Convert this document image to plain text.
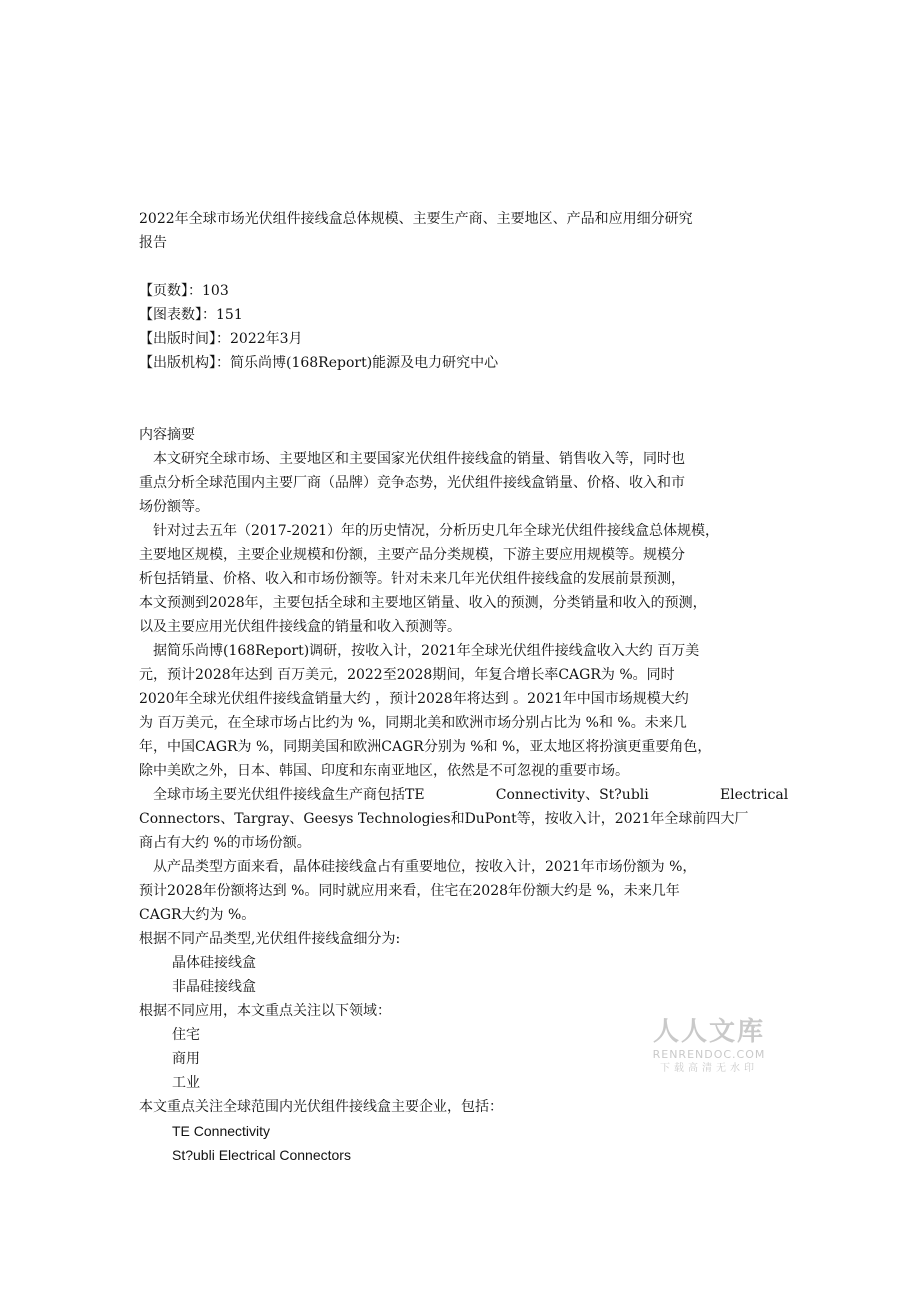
2022年全球市场光伏组件接线盒总体规模、主要生产商、主要地区、产品和应用细分研究
报告
【页数】：103
【图表数】：151
【出版时间】：2022年3月
【出版机构】：简乐尚博(168Report)能源及电力研究中心
内容摘要
本文研究全球市场、主要地区和主要国家光伏组件接线盒的销量、销售收入等，同时也
重点分析全球范围内主要厂商（品牌）竞争态势，光伏组件接线盒销量、价格、收入和市
场份额等。
针对过去五年（2017-2021）年的历史情况，分析历史几年全球光伏组件接线盒总体规模，
主要地区规模，主要企业规模和份额，主要产品分类规模，下游主要应用规模等。规模分
析包括销量、价格、收入和市场份额等。针对未来几年光伏组件接线盒的发展前景预测，
本文预测到2028年，主要包括全球和主要地区销量、收入的预测，分类销量和收入的预测，
以及主要应用光伏组件接线盒的销量和收入预测等。
据简乐尚博(168Report)调研，按收入计，2021年全球光伏组件接线盒收入大约 百万美
元，预计2028年达到 百万美元，2022至2028期间，年复合增长率CAGR为 %。同时
2020年全球光伏组件接线盒销量大约 ，预计2028年将达到 。2021年中国市场规模大约
为 百万美元，在全球市场占比约为 %，同期北美和欧洲市场分别占比为 %和 %。未来几
年，中国CAGR为 %，同期美国和欧洲CAGR分别为 %和 %，亚太地区将扮演更重要角色，
除中美欧之外，日本、韩国、印度和东南亚地区，依然是不可忽视的重要市场。
全球市场主要光伏组件接线盒生产商包括TE                Connectivity、St?ubli                Electrical
Connectors、Targray、Geesys Technologies和DuPont等，按收入计，2021年全球前四大厂
商占有大约 %的市场份额。
从产品类型方面来看，晶体硅接线盒占有重要地位，按收入计，2021年市场份额为 %，
预计2028年份额将达到 %。同时就应用来看，住宅在2028年份额大约是 %，未来几年
CAGR大约为 %。
根据不同产品类型,光伏组件接线盒细分为:
晶体硅接线盒
非晶硅接线盒
根据不同应用，本文重点关注以下领域：
住宅
商用
工业
本文重点关注全球范围内光伏组件接线盒主要企业，包括：
TE Connectivity
St?ubli Electrical Connectors
人人文库
RENRENDOC.COM
下载高清无水印
